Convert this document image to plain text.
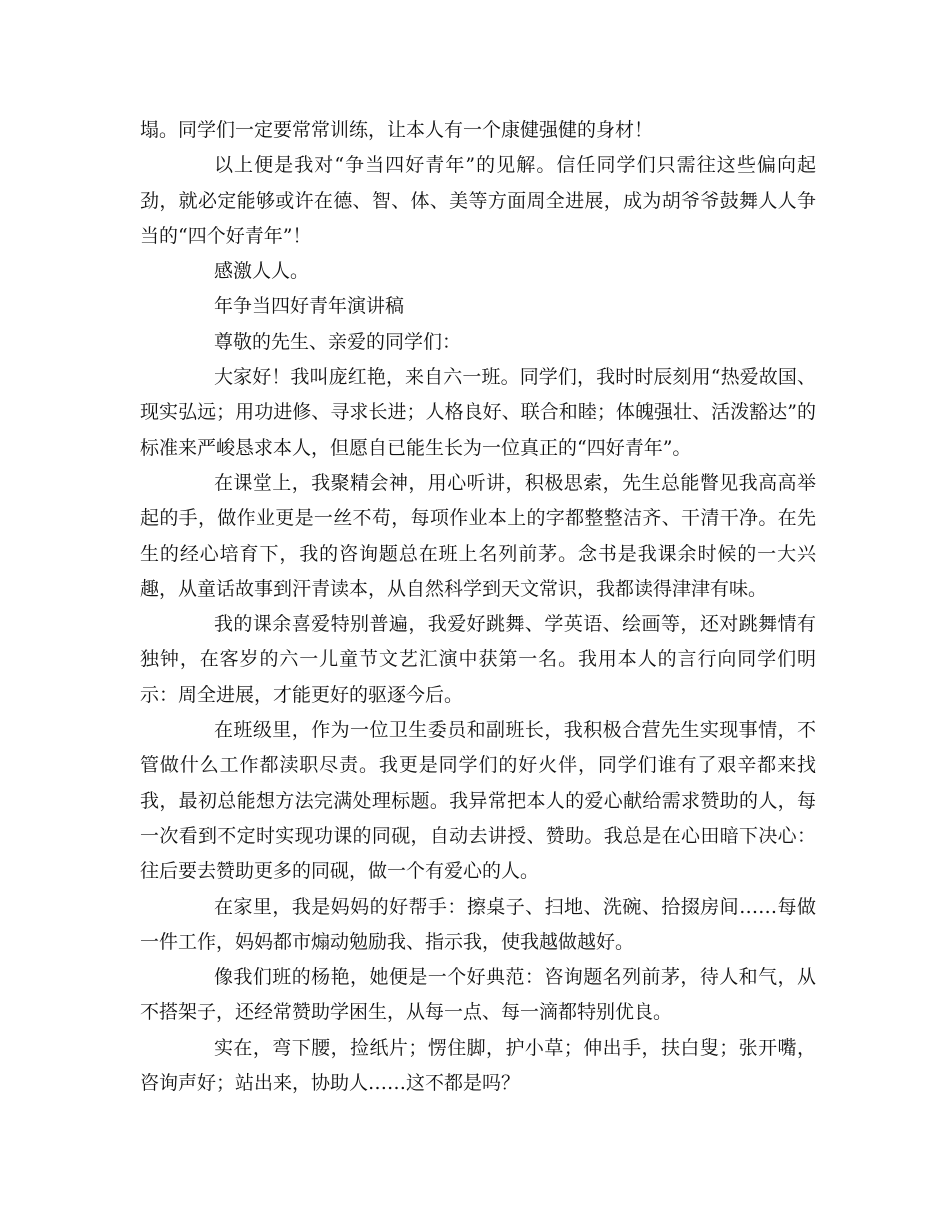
塌。同学们一定要常常训练，让本人有一个康健强健的身材！

以上便是我对“争当四好青年”的见解。信任同学们只需往这些偏向起劲，就必定能够或许在德、智、体、美等方面周全进展，成为胡爷爷鼓舞人人争当的“四个好青年”！

感激人人。

年争当四好青年演讲稿

尊敬的先生、亲爱的同学们：

大家好！我叫庞红艳，来自六一班。同学们，我时时辰刻用“热爱故国、现实弘远；用功进修、寻求长进；人格良好、联合和睦；体魄强壮、活泼豁达”的标准来严峻恳求本人，但愿自已能生长为一位真正的“四好青年”。

在课堂上，我聚精会神，用心听讲，积极思索，先生总能瞥见我高高举起的手，做作业更是一丝不苟，每项作业本上的字都整整洁齐、干清干净。在先生的经心培育下，我的咨询题总在班上名列前茅。念书是我课余时候的一大兴趣，从童话故事到汗青读本，从自然科学到天文常识，我都读得津津有味。

我的课余喜爱特别普遍，我爱好跳舞、学英语、绘画等，还对跳舞情有独钟，在客岁的六一儿童节文艺汇演中获第一名。我用本人的言行向同学们明示：周全进展，才能更好的驱逐今后。

在班级里，作为一位卫生委员和副班长，我积极合营先生实现事情，不管做什么工作都渎职尽责。我更是同学们的好火伴，同学们谁有了艰辛都来找我，最初总能想方法完满处理标题。我异常把本人的爱心献给需求赞助的人，每一次看到不定时实现功课的同砚，自动去讲授、赞助。我总是在心田暗下决心：往后要去赞助更多的同砚，做一个有爱心的人。

在家里，我是妈妈的好帮手：擦桌子、扫地、洗碗、拾掇房间……每做一件工作，妈妈都市煽动勉励我、指示我，使我越做越好。

像我们班的杨艳，她便是一个好典范：咨询题名列前茅，待人和气，从不搭架子，还经常赞助学困生，从每一点、每一滴都特别优良。

实在，弯下腰，捡纸片；愣住脚，护小草；伸出手，扶白叟；张开嘴，咨询声好；站出来，协助人……这不都是吗？
